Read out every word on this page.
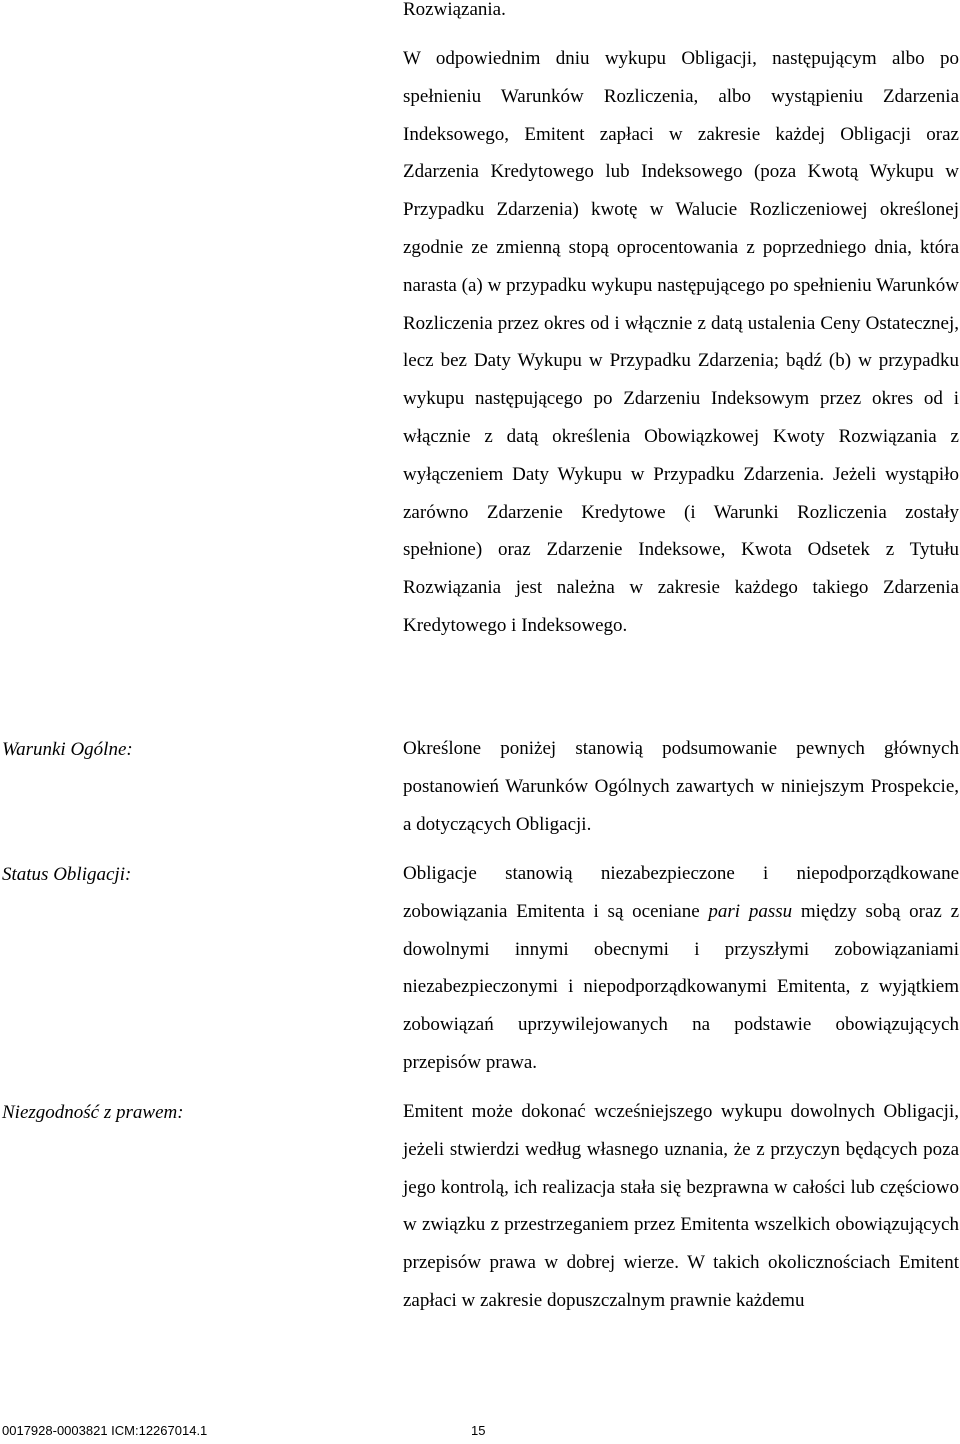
Rozwiązania.
W odpowiednim dniu wykupu Obligacji, następującym albo po spełnieniu Warunków Rozliczenia, albo wystąpieniu Zdarzenia Indeksowego, Emitent zapłaci w zakresie każdej Obligacji oraz Zdarzenia Kredytowego lub Indeksowego (poza Kwotą Wykupu w Przypadku Zdarzenia) kwotę w Walucie Rozliczeniowej określonej zgodnie ze zmienną stopą oprocentowania z poprzedniego dnia, która narasta (a) w przypadku wykupu następującego po spełnieniu Warunków Rozliczenia przez okres od i włącznie z datą ustalenia Ceny Ostatecznej, lecz bez Daty Wykupu w Przypadku Zdarzenia; bądź (b) w przypadku wykupu następującego po Zdarzeniu Indeksowym przez okres od i włącznie z datą określenia Obowiązkowej Kwoty Rozwiązania z wyłączeniem Daty Wykupu w Przypadku Zdarzenia. Jeżeli wystąpiło zarówno Zdarzenie Kredytowe (i Warunki Rozliczenia zostały spełnione) oraz Zdarzenie Indeksowe, Kwota Odsetek z Tytułu Rozwiązania jest należna w zakresie każdego takiego Zdarzenia Kredytowego i Indeksowego.
Warunki Ogólne:	Określone poniżej stanowią podsumowanie pewnych głównych postanowień Warunków Ogólnych zawartych w niniejszym Prospekcie, a dotyczących Obligacji.
Status Obligacji:	Obligacje stanowią niezabezpieczone i niepodporządkowane zobowiązania Emitenta i są oceniane pari passu między sobą oraz z dowolnymi innymi obecnymi i przyszłymi zobowiązaniami niezabezpieczonymi i niepodporządkowanymi Emitenta, z wyjątkiem zobowiązań uprzywilejowanych na podstawie obowiązujących przepisów prawa.
Niezgodność z prawem:	Emitent może dokonać wcześniejszego wykupu dowolnych Obligacji, jeżeli stwierdzi według własnego uznania, że z przyczyn będących poza jego kontrolą, ich realizacja stała się bezprawna w całości lub częściowo w związku z przestrzeganiem przez Emitenta wszelkich obowiązujących przepisów prawa w dobrej wierze. W takich okolicznościach Emitent zapłaci w zakresie dopuszczalnym prawnie każdemu
0017928-0003821 ICM:12267014.1	15
